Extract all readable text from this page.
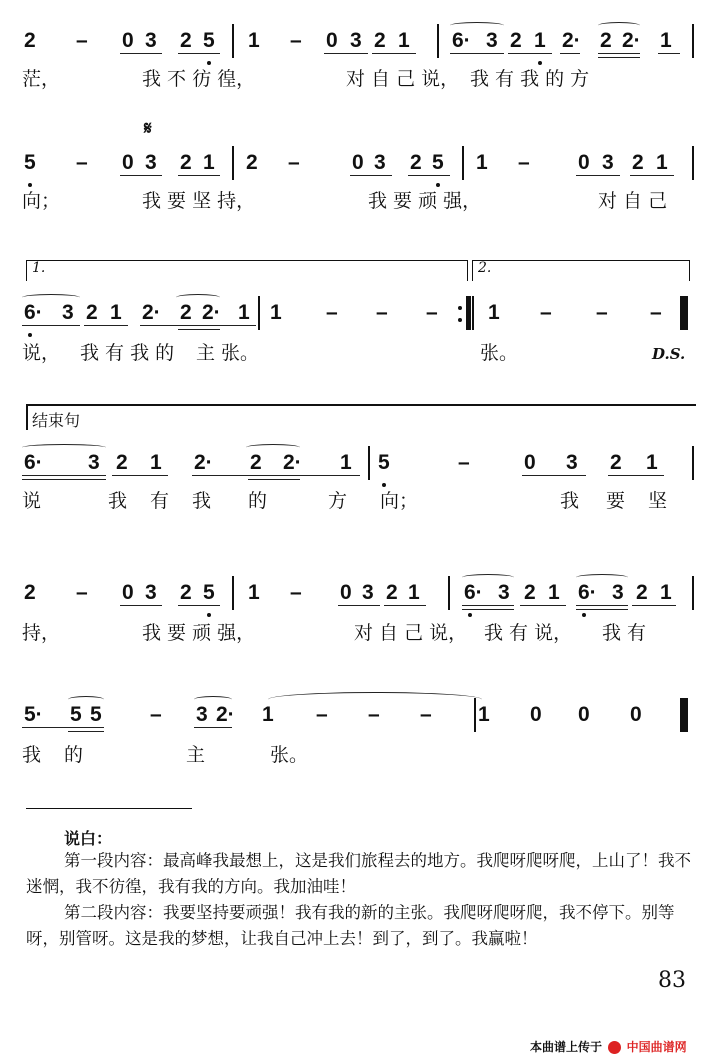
2 – 0 3 2 5 1 – 0 3 2 1 6· 3 2 1 2· 2 2· 1
茫，	我 不 彷 徨，	对 自 己 说， 我 有 我 的 方
5 – 0 3 2 1 2 – 0 3 2 5 1 – 0 3 2 1
向；	我 要 坚 持，	我 要 顽 强，	对 自 己
6· 3 2 1 2· 2 2· 1 1 – – – 1 – – –
说， 我 有 我 的 主 张。	张。
6· 3 2 1 2· 2 2· 1 5	–	0 3 2 1
说	我 有 我 的	方 向；	我 要 坚
2 – 0 3 2 5 1 – 0 3 2 1 6· 3 2 1 6· 3 2 1
持，	我 要 顽 强，	对 自 己 说， 我 有 说， 我 有
5· 5 5 – 3 2· 1 – – – 1 0 0 0
我 的	主	张。
𝄋
1.	2.
D.S.
结束句
说白：
第一段内容：最高峰我最想上，这是我们旅程去的地方。我爬呀爬呀爬，上山了！我不迷惘，我不彷徨，我有我的方向。我加油哇！
第二段内容：我要坚持要顽强！我有我的新的主张。我爬呀爬呀爬，我不停下。别等呀，别管呀。这是我的梦想，让我自己冲上去！到了，到了。我赢啦！
83
本曲谱上传于 中国曲谱网
